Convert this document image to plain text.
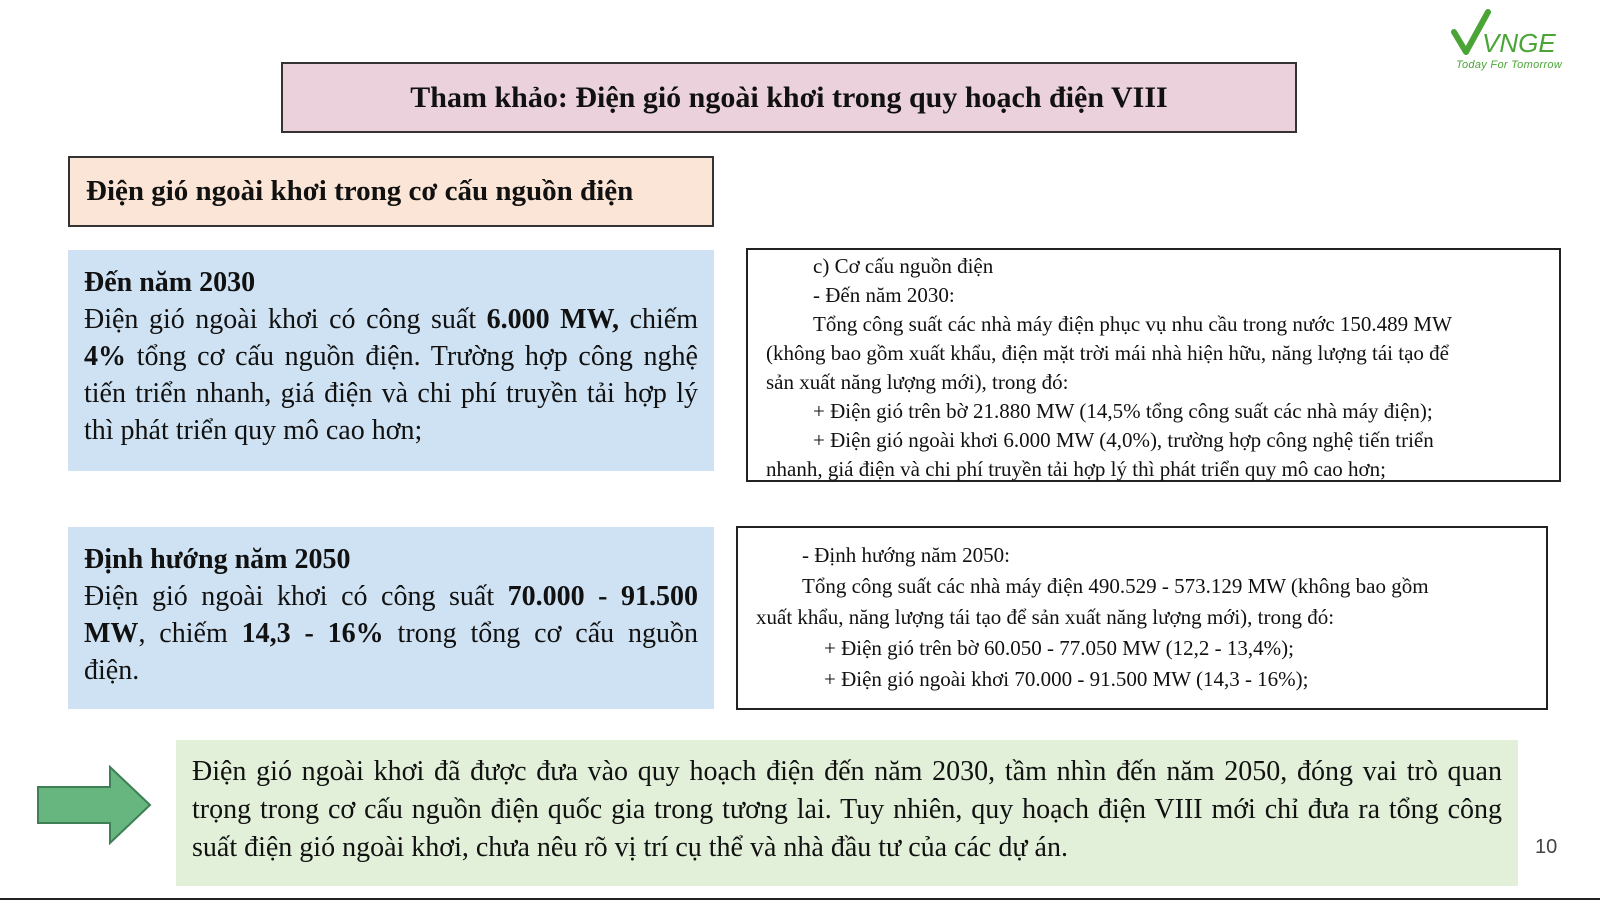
VNGE
Today For Tomorrow
Tham khảo: Điện gió ngoài khơi trong quy hoạch điện VIII
Điện gió ngoài khơi trong cơ cấu nguồn điện
Đến năm 2030
Điện gió ngoài khơi có công suất 6.000 MW, chiếm 4% tổng cơ cấu nguồn điện. Trường hợp công nghệ tiến triển nhanh, giá điện và chi phí truyền tải hợp lý thì phát triển quy mô cao hơn;
c) Cơ cấu nguồn điện
- Đến năm 2030:
Tổng công suất các nhà máy điện phục vụ nhu cầu trong nước 150.489 MW
(không bao gồm xuất khẩu, điện mặt trời mái nhà hiện hữu, năng lượng tái tạo để
sản xuất năng lượng mới), trong đó:
+ Điện gió trên bờ 21.880 MW (14,5% tổng công suất các nhà máy điện);
+ Điện gió ngoài khơi 6.000 MW (4,0%), trường hợp công nghệ tiến triển
nhanh, giá điện và chi phí truyền tải hợp lý thì phát triển quy mô cao hơn;
Định hướng năm 2050
Điện gió ngoài khơi có công suất 70.000 - 91.500 MW, chiếm 14,3 - 16% trong tổng cơ cấu nguồn điện.
- Định hướng năm 2050:
Tổng công suất các nhà máy điện 490.529 - 573.129 MW (không bao gồm
xuất khẩu, năng lượng tái tạo để sản xuất năng lượng mới), trong đó:
+ Điện gió trên bờ 60.050 - 77.050 MW (12,2 - 13,4%);
+ Điện gió ngoài khơi 70.000 - 91.500 MW (14,3 - 16%);
Điện gió ngoài khơi đã được đưa vào quy hoạch điện đến năm 2030, tầm nhìn đến năm 2050, đóng vai trò quan trọng trong cơ cấu nguồn điện quốc gia trong tương lai. Tuy nhiên, quy hoạch điện VIII mới chỉ đưa ra tổng công suất điện gió ngoài khơi, chưa nêu rõ vị trí cụ thể và nhà đầu tư của các dự án.	10
